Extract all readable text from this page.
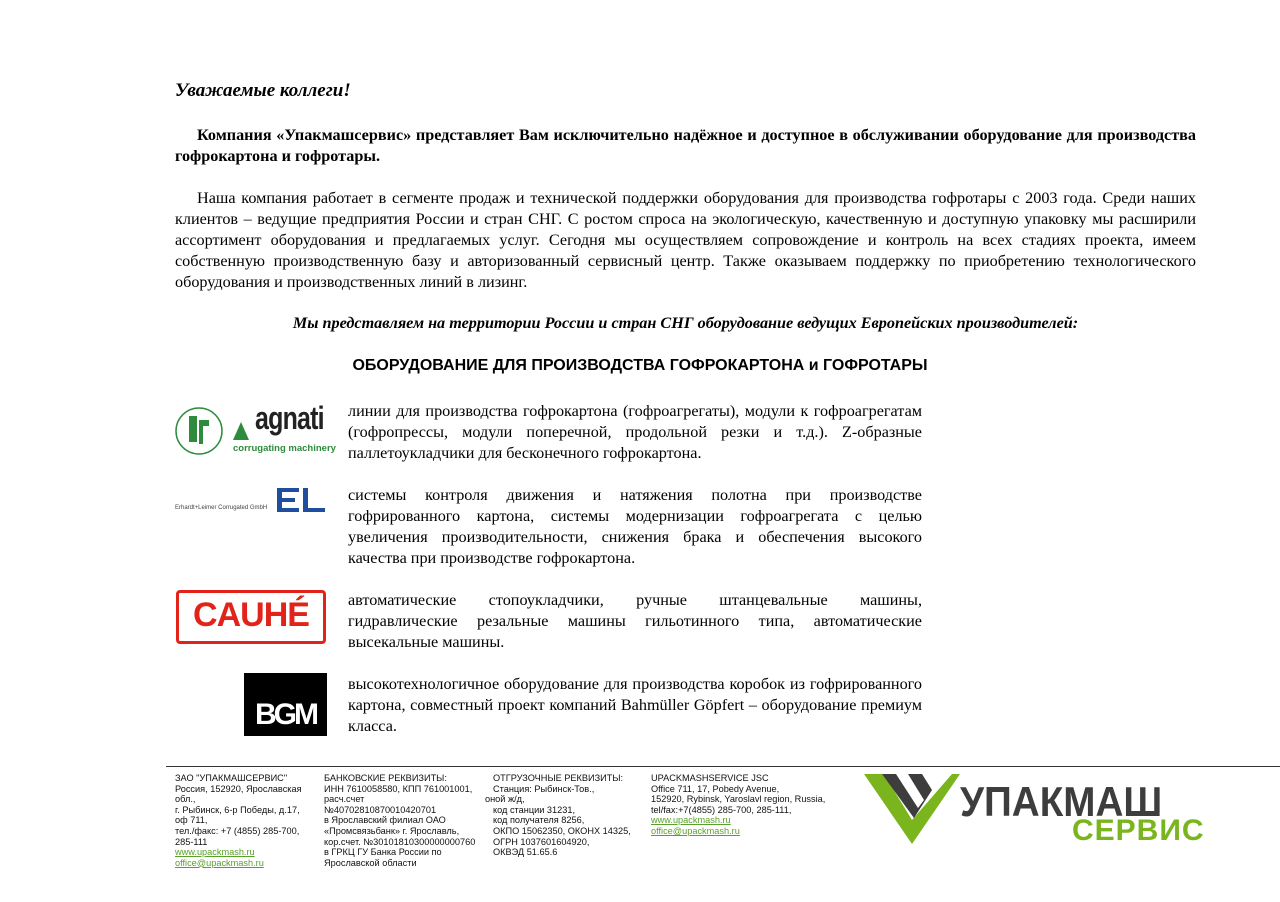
Уважаемые коллеги!
Компания «Упакмашсервис» представляет Вам исключительно надёжное и доступное в обслуживании оборудование для производства гофрокартона и гофротары.
Наша компания работает в сегменте продаж и технической поддержки оборудования для производства гофротары с 2003 года. Среди наших клиентов – ведущие предприятия России и стран СНГ. С ростом спроса на экологическую, качественную и доступную упаковку мы расширили ассортимент оборудования и предлагаемых услуг. Сегодня мы осуществляем сопровождение и контроль на всех стадиях проекта, имеем собственную производственную базу и авторизованный сервисный центр. Также оказываем поддержку по приобретению технологического оборудования и производственных линий в лизинг.
Мы представляем на территории России и стран СНГ оборудование ведущих Европейских производителей:
ОБОРУДОВАНИЕ ДЛЯ ПРОИЗВОДСТВА ГОФРОКАРТОНА и ГОФРОТАРЫ
agnati
corrugating machinery
линии для производства гофрокартона (гофроагрегаты), модули к гофроагрегатам (гофропрессы, модули поперечной, продольной резки и т.д.). Z-образные паллетоукладчики для бесконечного гофрокартона.
Erhardt+Leimer Corrugated GmbH
системы контроля движения и натяжения полотна при производстве гофрированного картона, системы модернизации гофроагрегата с целью увеличения производительности, снижения брака и обеспечения высокого качества при производстве гофрокартона.
CAUHÉ	автоматические стопоукладчики, ручные штанцевальные машины, гидравлические резальные машины гильотинного типа, автоматические высекальные машины.
BGM
высокотехнологичное оборудование для производства коробок из гофрированного картона, совместный проект компаний Bahmüller Göpfert – оборудование премиум класса.
ЗАО "УПАКМАШСЕРВИС"
Россия, 152920, Ярославская обл.,
г. Рыбинск, 6-р Победы, д.17, оф 711,
тел./факс: +7 (4855) 285-700, 285-111
www.upackmash.ru
office@upackmash.ru
БАНКОВСКИЕ РЕКВИЗИТЫ:
ИНН 7610058580, КПП 761001001, расч.счет
№40702810870010420701
в Ярославский филиал ОАО
«Промсвязьбанк» г. Ярославль,
кор.счет. №30101810300000000760
в ГРКЦ ГУ Банка России по
Ярославской области
ОТГРУЗОЧНЫЕ РЕКВИЗИТЫ:
Станция: Рыбинск-Тов.,
оной ж/д,
код станции 31231,
код получателя 8256,
ОКПО 15062350, ОКОНХ 14325,
ОГРН 1037601604920,
ОКВЭД 51.65.6
UPACKMASHSERVICE JSC
Office 711, 17, Pobedy Avenue,
152920, Rybinsk, Yaroslavl region, Russia,
tel/fax:+7(4855) 285-700, 285-111,
www.upackmash.ru
office@upackmash.ru
УПАКМАШ
СЕРВИС
